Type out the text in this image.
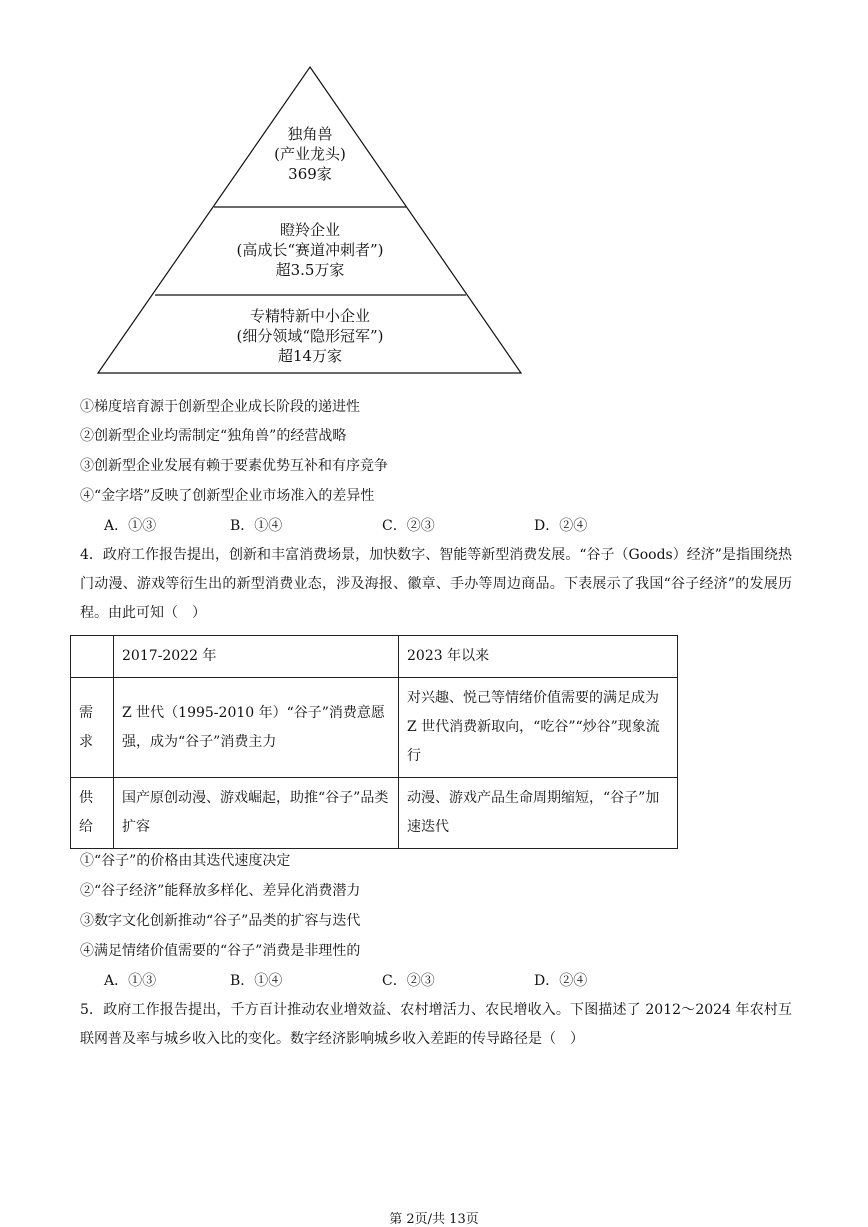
独角兽
(产业龙头)
369家
瞪羚企业
(高成长“赛道冲刺者”)
超3.5万家
专精特新中小企业
(细分领域“隐形冠军”)
超14万家
①梯度培育源于创新型企业成长阶段的递进性
②创新型企业均需制定“独角兽”的经营战略
③创新型企业发展有赖于要素优势互补和有序竞争
④“金字塔”反映了创新型企业市场准入的差异性
A．①③	B．①④	C．②③	D．②④
4．政府工作报告提出，创新和丰富消费场景，加快数字、智能等新型消费发展。“谷子（Goods）经济”是指围绕热门动漫、游戏等衍生出的新型消费业态，涉及海报、徽章、手办等周边商品。下表展示了我国“谷子经济”的发展历程。由此可知（　）
	2017-2022 年	2023 年以来
需求	Z 世代（1995-2010 年）“谷子”消费意愿强，成为“谷子”消费主力	对兴趣、悦己等情绪价值需要的满足成为 Z 世代消费新取向，“吃谷”“炒谷”现象流行
供给	国产原创动漫、游戏崛起，助推“谷子”品类扩容	动漫、游戏产品生命周期缩短，“谷子”加速迭代
①“谷子”的价格由其迭代速度决定
②“谷子经济”能释放多样化、差异化消费潜力
③数字文化创新推动“谷子”品类的扩容与迭代
④满足情绪价值需要的“谷子”消费是非理性的
A．①③	B．①④	C．②③	D．②④
5．政府工作报告提出，千方百计推动农业增效益、农村增活力、农民增收入。下图描述了 2012～2024 年农村互联网普及率与城乡收入比的变化。数字经济影响城乡收入差距的传导路径是（　）
第 2页/共 13页
